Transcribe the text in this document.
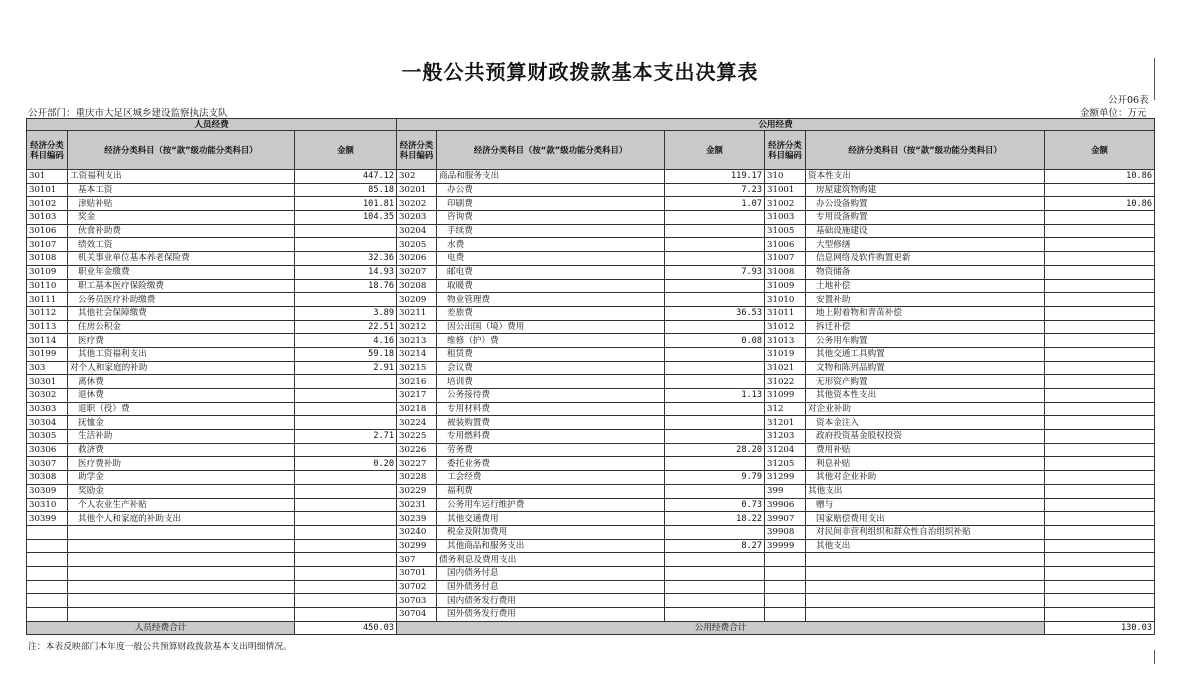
一般公共预算财政拨款基本支出决算表
公开06表
公开部门：重庆市大足区城乡建设监察执法支队	金额单位：万元
人员经费			公用经费					
经济分类科目编码	经济分类科目（按“款”级功能分类科目）	金额	经济分类科目编码	经济分类科目（按“款”级功能分类科目）	金额	经济分类科目编码	经济分类科目（按“款”级功能分类科目）	金额
301	工资福利支出	447.12	302	商品和服务支出	119.17	310	资本性支出	10.86
30101	基本工资	85.18	30201	办公费	7.23	31001	房屋建筑物购建	
30102	津贴补贴	101.81	30202	印刷费	1.07	31002	办公设备购置	10.86
30103	奖金	104.35	30203	咨询费		31003	专用设备购置	
30106	伙食补助费		30204	手续费		31005	基础设施建设	
30107	绩效工资		30205	水费		31006	大型修缮	
30108	机关事业单位基本养老保险费	32.36	30206	电费		31007	信息网络及软件购置更新	
30109	职业年金缴费	14.93	30207	邮电费	7.93	31008	物资储备	
30110	职工基本医疗保险缴费	18.76	30208	取暖费		31009	土地补偿	
30111	公务员医疗补助缴费		30209	物业管理费		31010	安置补助	
30112	其他社会保障缴费	3.89	30211	差旅费	36.53	31011	地上附着物和青苗补偿	
30113	住房公积金	22.51	30212	因公出国（境）费用		31012	拆迁补偿	
30114	医疗费	4.16	30213	维修（护）费	0.08	31013	公务用车购置	
30199	其他工资福利支出	59.18	30214	租赁费		31019	其他交通工具购置	
303	对个人和家庭的补助	2.91	30215	会议费		31021	文物和陈列品购置	
30301	离休费		30216	培训费		31022	无形资产购置	
30302	退休费		30217	公务接待费	1.13	31099	其他资本性支出	
30303	退职（役）费		30218	专用材料费		312	对企业补助	
30304	抚恤金		30224	被装购置费		31201	资本金注入	
30305	生活补助	2.71	30225	专用燃料费		31203	政府投资基金股权投资	
30306	救济费		30226	劳务费	28.20	31204	费用补贴	
30307	医疗费补助	0.20	30227	委托业务费		31205	利息补贴	
30308	助学金		30228	工会经费	9.79	31299	其他对企业补助	
30309	奖励金		30229	福利费		399	其他支出	
30310	个人农业生产补贴		30231	公务用车运行维护费	0.73	39906	赠与	
30399	其他个人和家庭的补助支出		30239	其他交通费用	18.22	39907	国家赔偿费用支出	
			30240	税金及附加费用		39908	对民间非营利组织和群众性自治组织补贴	
			30299	其他商品和服务支出	8.27	39999	其他支出	
			307	债务利息及费用支出				
			30701	国内债务付息				
			30702	国外债务付息				
			30703	国内债务发行费用				
			30704	国外债务发行费用				
人员经费合计		450.03	公用经费合计					130.03
注：本表反映部门本年度一般公共预算财政拨款基本支出明细情况。
